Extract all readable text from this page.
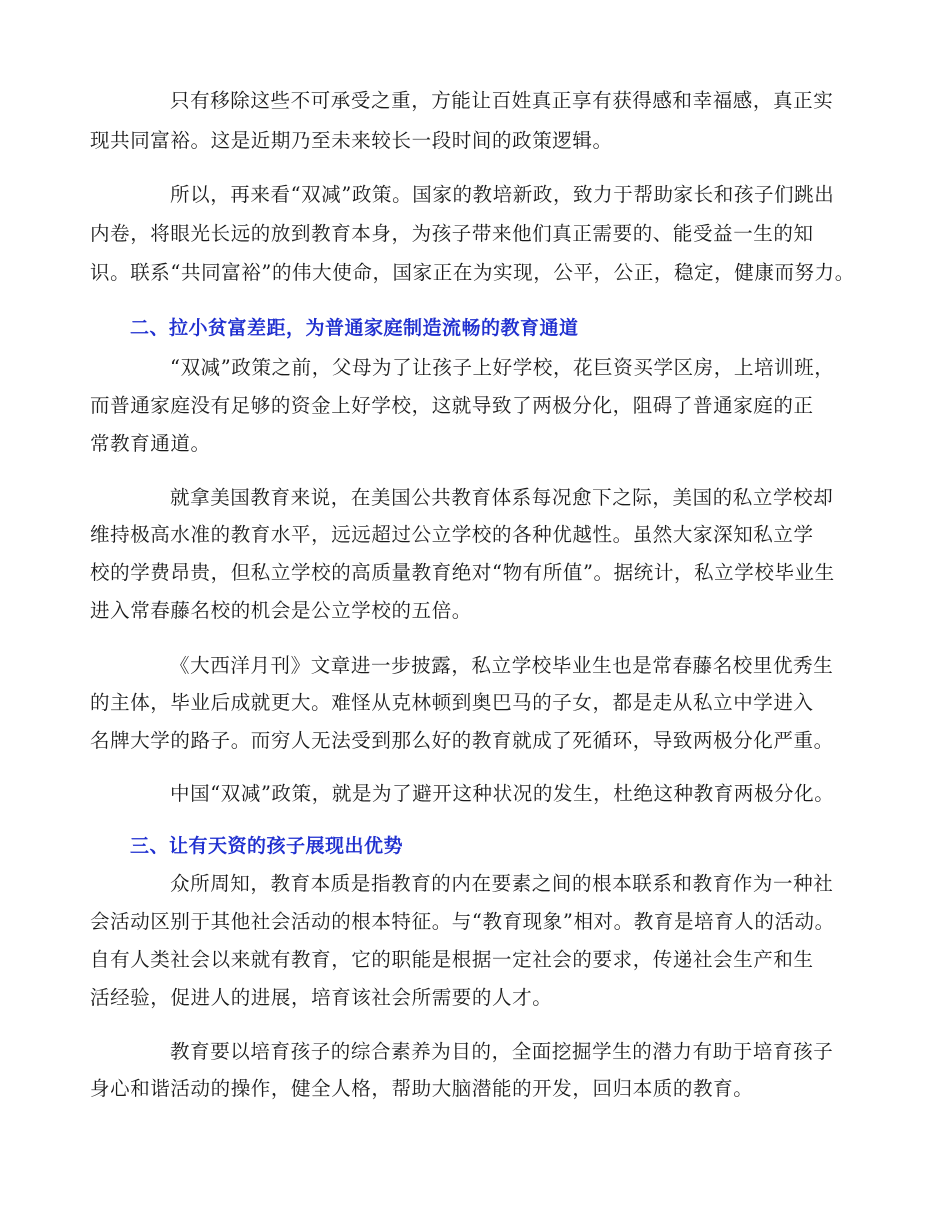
只有移除这些不可承受之重，方能让百姓真正享有获得感和幸福感，真正实
现共同富裕。这是近期乃至未来较长一段时间的政策逻辑。
所以，再来看“双减”政策。国家的教培新政，致力于帮助家长和孩子们跳出
内卷，将眼光长远的放到教育本身，为孩子带来他们真正需要的、能受益一生的知
识。联系“共同富裕”的伟大使命，国家正在为实现，公平，公正，稳定，健康而努力。
二、拉小贫富差距，为普通家庭制造流畅的教育通道
“双减”政策之前，父母为了让孩子上好学校，花巨资买学区房，上培训班，
而普通家庭没有足够的资金上好学校，这就导致了两极分化，阻碍了普通家庭的正
常教育通道。
就拿美国教育来说，在美国公共教育体系每况愈下之际，美国的私立学校却
维持极高水准的教育水平，远远超过公立学校的各种优越性。虽然大家深知私立学
校的学费昂贵，但私立学校的高质量教育绝对“物有所值”。据统计，私立学校毕业生
进入常春藤名校的机会是公立学校的五倍。
《大西洋月刊》文章进一步披露，私立学校毕业生也是常春藤名校里优秀生
的主体，毕业后成就更大。难怪从克林顿到奥巴马的子女，都是走从私立中学进入
名牌大学的路子。而穷人无法受到那么好的教育就成了死循环，导致两极分化严重。
中国“双减”政策，就是为了避开这种状况的发生，杜绝这种教育两极分化。
三、让有天资的孩子展现出优势
众所周知，教育本质是指教育的内在要素之间的根本联系和教育作为一种社
会活动区别于其他社会活动的根本特征。与“教育现象”相对。教育是培育人的活动。
自有人类社会以来就有教育，它的职能是根据一定社会的要求，传递社会生产和生
活经验，促进人的进展，培育该社会所需要的人才。
教育要以培育孩子的综合素养为目的，全面挖掘学生的潜力有助于培育孩子
身心和谐活动的操作，健全人格，帮助大脑潜能的开发，回归本质的教育。
